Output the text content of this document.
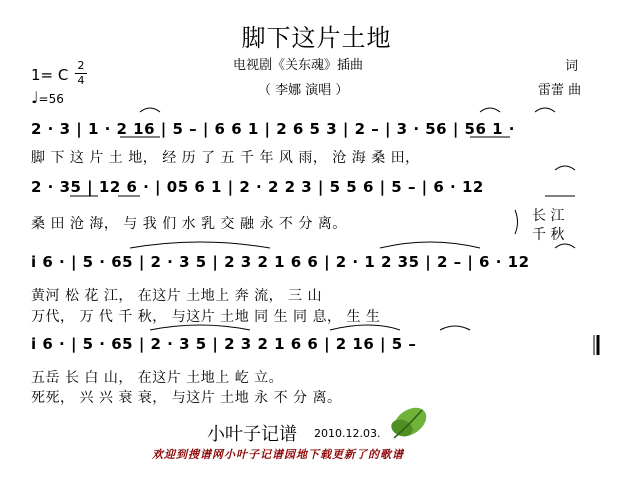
脚下这片土地
1= C
2
4
♩=56
电视剧《关东魂》插曲
（ 李娜 演唱 ）
词
雷蕾 曲
2 · 3 | 1 · 2 16 | 5 – | 6 6 1 | 2 6 5 3 | 2 – | 3 · 56 | 56 1 ·
脚 下 这 片 土 地， 经 历 了 五 千 年 风 雨， 沧 海 桑 田，
2 · 35 | 12 6 · | 05 6 1 | 2 · 2 2 3 | 5 5 6 | 5 – | 6 · 12
桑 田 沧 海， 与 我 们 水 乳 交 融 永 不 分 离。	长 江
千 秋
i 6 · | 5 · 65 | 2 · 3 5 | 2 3 2 1 6 6 | 2 · 1 2 35 | 2 – | 6 · 12
黄河 松 花 江， 在这片 土地上 奔 流， 三 山
万代， 万 代 千 秋， 与这片 土地 同 生 同 息， 生 生
i 6 · | 5 · 65 | 2 · 3 5 | 2 3 2 1 6 6 | 2 16 | 5 –
五岳 长 白 山， 在这片 土地上 屹 立。
死死， 兴 兴 衰 衰， 与这片 土地 永 不 分 离。
小叶子记谱 2010.12.03.
欢迎到搜谱网小叶子记谱园地下载更新了的歌谱
